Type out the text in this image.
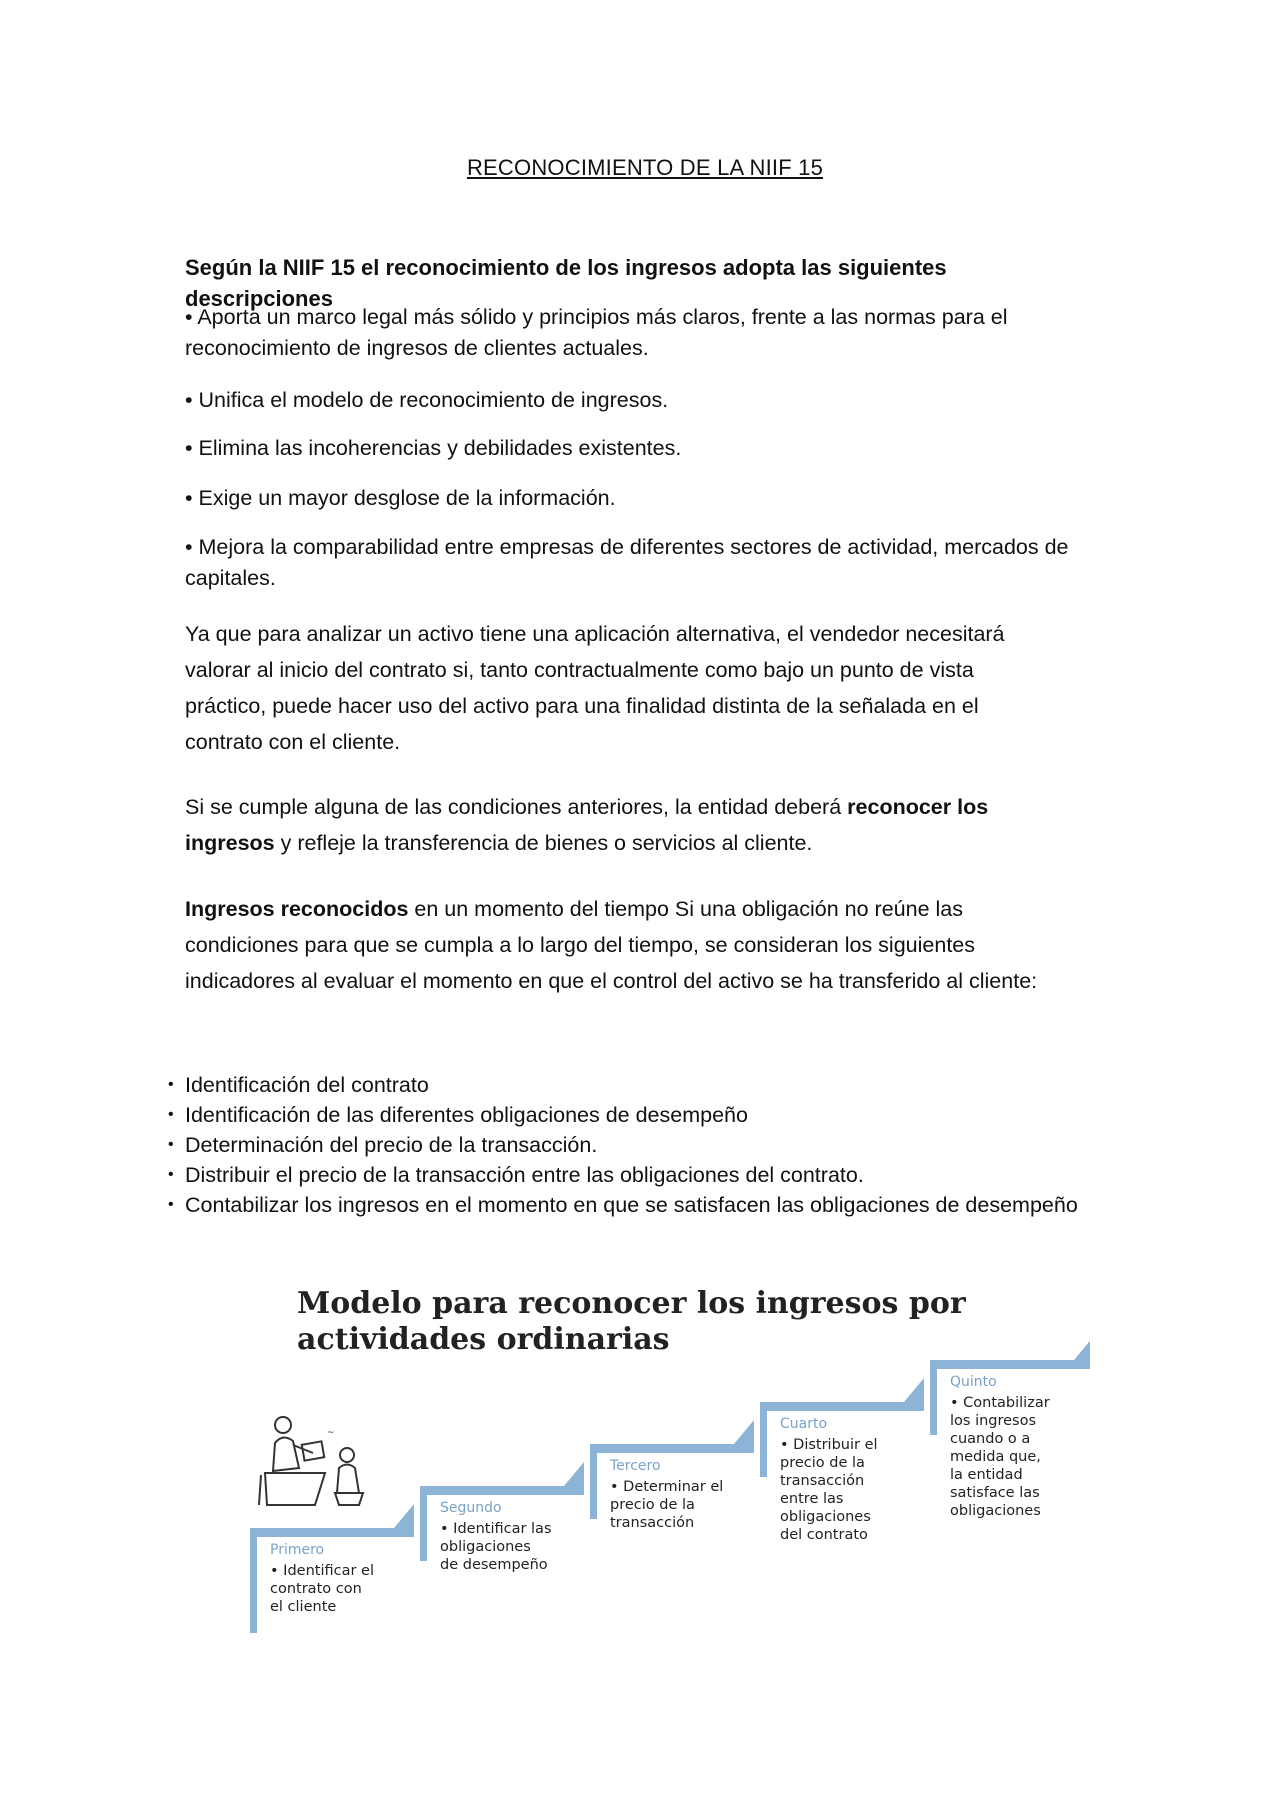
RECONOCIMIENTO DE LA NIIF 15
Según la NIIF 15 el reconocimiento de los ingresos adopta las siguientes descripciones
• Aporta un marco legal más sólido y principios más claros, frente a las normas para el reconocimiento de ingresos de clientes actuales.
• Unifica el modelo de reconocimiento de ingresos.
• Elimina las incoherencias y debilidades existentes.
• Exige un mayor desglose de la información.
• Mejora la comparabilidad entre empresas de diferentes sectores de actividad, mercados de capitales.
Ya que para analizar un activo tiene una aplicación alternativa, el vendedor necesitará valorar al inicio del contrato si, tanto contractualmente como bajo un punto de vista práctico, puede hacer uso del activo para una finalidad distinta de la señalada en el contrato con el cliente.
Si se cumple alguna de las condiciones anteriores, la entidad deberá reconocer los ingresos y refleje la transferencia de bienes o servicios al cliente.
Ingresos reconocidos en un momento del tiempo Si una obligación no reúne las condiciones para que se cumpla a lo largo del tiempo, se consideran los siguientes indicadores al evaluar el momento en que el control del activo se ha transferido al cliente:
• Identificación del contrato
• Identificación de las diferentes obligaciones de desempeño
• Determinación del precio de la transacción.
• Distribuir el precio de la transacción entre las obligaciones del contrato.
• Contabilizar los ingresos en el momento en que se satisfacen las obligaciones de desempeño
Modelo para reconocer los ingresos por
actividades ordinarias
~
Primero
• Identificar el
contrato con
el cliente
Segundo
• Identificar las
obligaciones
de desempeño
Tercero
• Determinar el
precio de la
transacción
Cuarto
• Distribuir el
precio de la
transacción
entre las
obligaciones
del contrato
Quinto
• Contabilizar
los ingresos
cuando o a
medida que,
la entidad
satisface las
obligaciones
